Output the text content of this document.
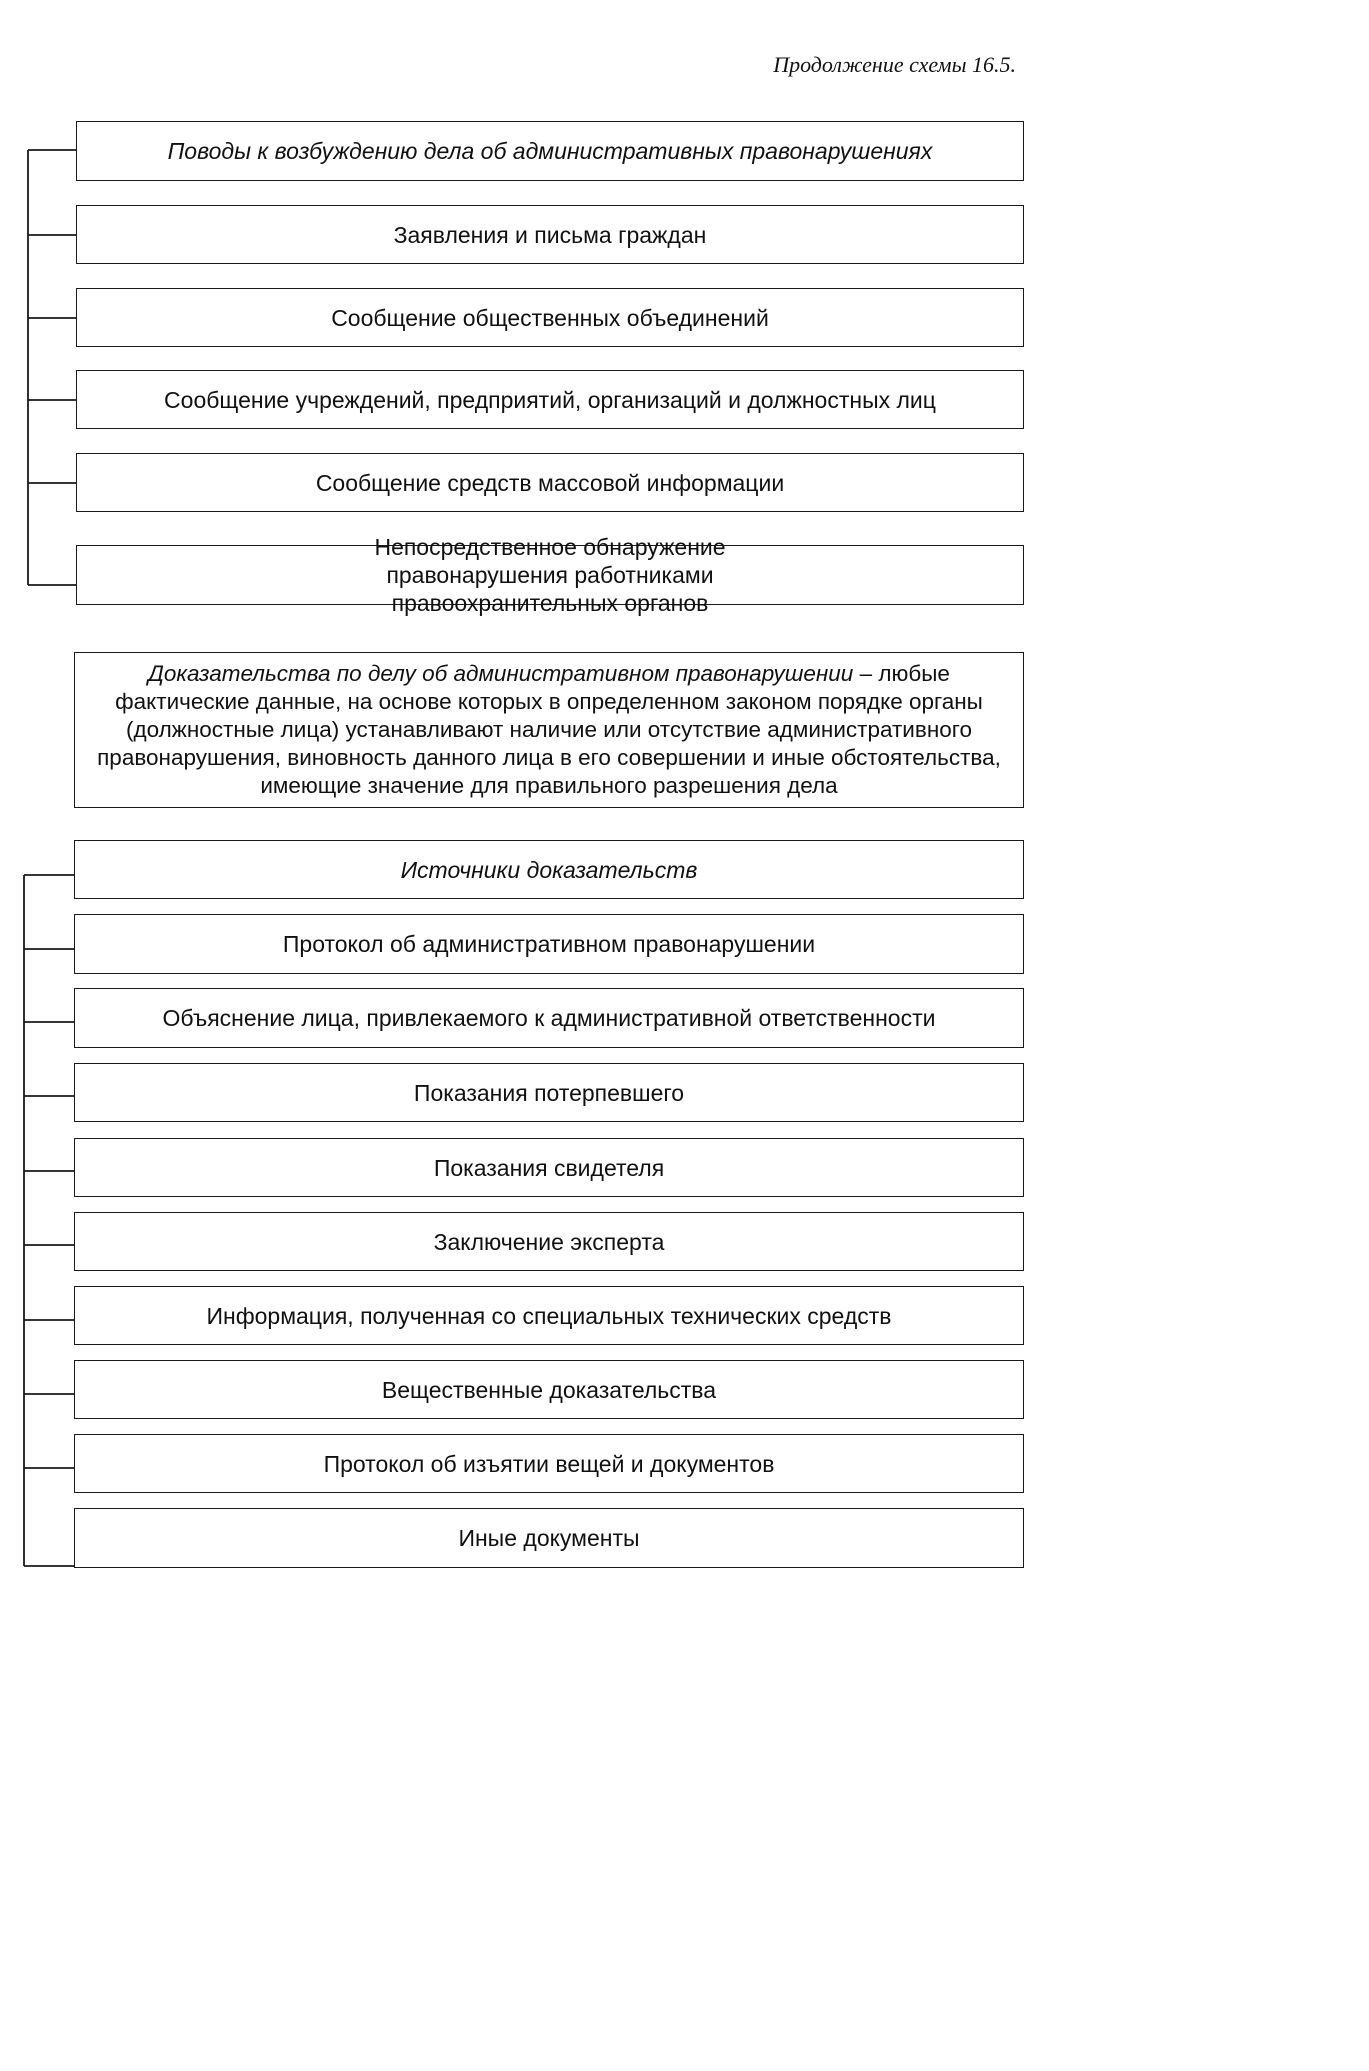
Продолжение схемы 16.5.
Поводы к возбуждению дела об административных правонарушениях
Заявления и письма граждан
Сообщение общественных объединений
Сообщение учреждений, предприятий, организаций и должностных лиц
Сообщение средств массовой информации
Непосредственное обнаружение правонарушения работниками правоохранительных органов
Доказательства по делу об административном правонарушении – любые фактические данные, на основе которых в определенном законом порядке органы (должностные лица) устанавливают наличие или отсутствие административного правонарушения, виновность данного лица в его совершении и иные обстоятельства, имеющие значение для правильного разрешения дела
Источники доказательств
Протокол об административном правонарушении
Объяснение лица, привлекаемого к административной ответственности
Показания потерпевшего
Показания свидетеля
Заключение эксперта
Информация, полученная со специальных технических средств
Вещественные доказательства
Протокол об изъятии вещей и документов
Иные документы
